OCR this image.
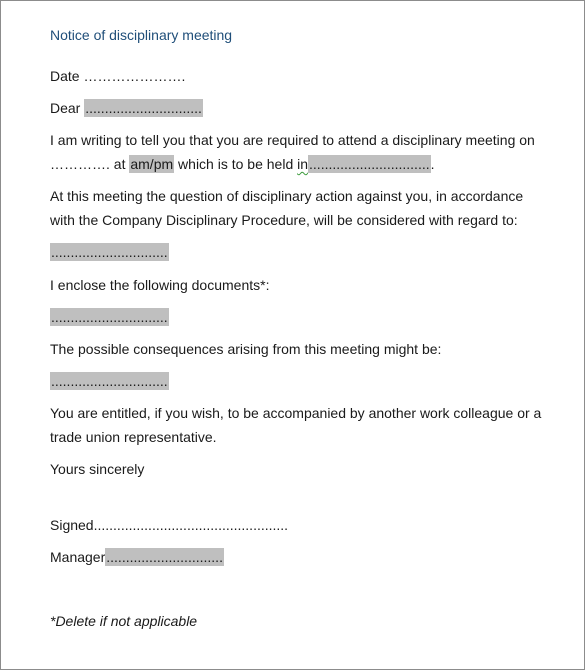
Notice of disciplinary meeting
Date ………………….
Dear ..............................
I am writing to tell you that you are required to attend a disciplinary meeting on
…………. at am/pm which is to be held in................................
At this meeting the question of disciplinary action against you, in accordance
with the Company Disciplinary Procedure, will be considered with regard to:
..............................
I enclose the following documents*:
..............................
The possible consequences arising from this meeting might be:
..............................
You are entitled, if you wish, to be accompanied by another work colleague or a
trade union representative.
Yours sincerely
Signed..................................................
Manager..............................
*Delete if not applicable
